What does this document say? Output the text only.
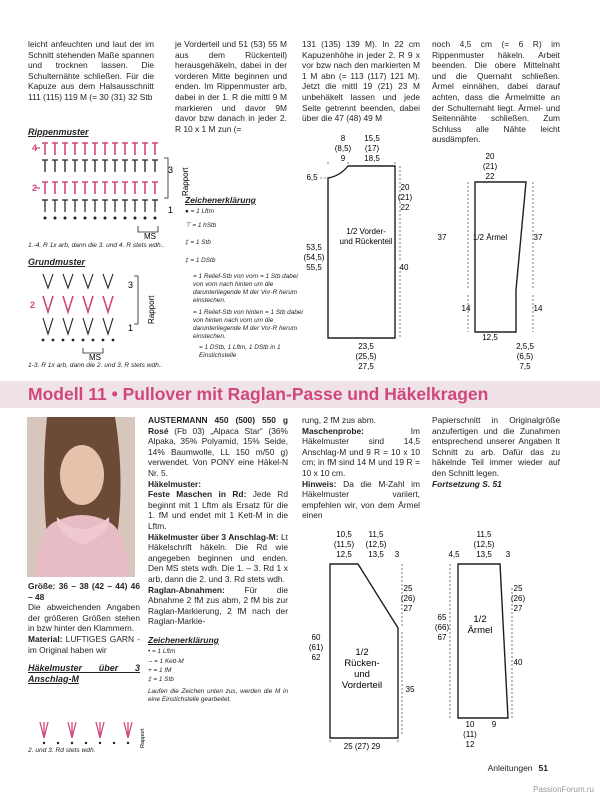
leicht anfeuchten und laut der im Schnitt stehenden Maße spannen und trocknen lassen. Die Schulternähte schließen. Für die Kapuze aus dem Halsausschnitt 111 (115) 119 M (= 30 (31) 32 Stb

je Vorderteil und 51 (53) 55 M aus dem Rückenteil) herausgehäkeln, dabei in der vorderen Mitte beginnen und enden. Im Rippenmuster arb, dabei in der 1. R die mittl 9 M markieren und davor 9M davor bzw danach in jeder 2. R 10 x 1 M zun (=

131 (135) 139 M). In 22 cm Kapuzenhöhe in jeder 2. R 9 x vor bzw nach den markierten M 1 M abn (= 113 (117) 121 M). Jetzt die mittl 19 (21) 23 M unbehäkelt lassen und jede Seite getrennt beenden, dabei über die 47 (48) 49 M

noch 4,5 cm (= 6 R) im Rippenmuster häkeln. Arbeit beenden. Die obere Mittelnaht und die Quernaht schließen. Ärmel einnähen, dabei darauf achten, dass die Ärmelmitte an der Schulternaht liegt. Ärmel- und Seitennähte schließen. Zum Schluss alle Nähte leicht ausdämpfen.

Rippenmuster
4
3
2
1
Rapport
MS
1.-4. R 1x arb, dann die 3. und 4. R stets wdh..
Grundmuster
3
2
1
Rapport
MS
1-3. R 1x arb, dann die 2. und 3. R stets wdh..
Zeichenerklärung
● = 1 Lftm
⊤ = 1 hStb
‡ = 1 Stb
‡ = 1 DStb
= 1 Relief-Stb von vorn = 1 Stb dabei von vorn nach hinten um die darunterliegende M der Vor-R herum einstechen.
= 1 Relief-Stb von hinten = 1 Stb dabei von hinten nach vorn um die darunterliegende M der Vor-R herum einstechen.
= 1 DStb, 1 Lftm, 1 DStb in 1 Einstichstelle
8
(8,5)
9
15,5
(17)
18,5
6,5
20
(21)
22
53,5
(54,5)
55,5	40
1/2 Vorder-
und Rückenteil
23,5
(25,5)
27,5
20
(21)
22
37	37
1/2 Ärmel
14	14
12,5
2,5,5
(6,5)
7,5
Modell 11 • Pullover mit Raglan-Passe und Häkelkragen

Größe: 36 – 38 (42 – 44) 46 – 48

Die abweichenden Angaben der größeren Größen stehen in bzw hinter den Klammern.

Material: LUFTIGES GARN - im Original haben wir

Häkelmuster über 3 Anschlag-M
Rapport
2. und 3. Rd stets wdh.

AUSTERMANN 450 (500) 550 g Rosé (Fb 03) „Alpaca Star“ (36% Alpaka, 35% Polyamid, 15% Seide, 14% Baumwolle, LL 150 m/50 g) verwendet. Von PONY eine Häkel-N Nr. 5.

Häkelmuster:

Feste Maschen in Rd: Jede Rd beginnt mit 1 Lftm als Ersatz für die 1. fM und endet mit 1 Kett-M in die Lftm.

Häkelmuster über 3 Anschlag-M: Lt Häkelschrift häkeln. Die Rd wie angegeben beginnen und enden. Den MS stets wdh. Die 1. – 3. Rd 1 x arb, dann die 2. und 3. Rd stets wdh.

Raglan-Abnahmen: Für die Abnahme 2 fM zus abm, 2 fM bis zur Raglan-Markierung, 2 fM nach der Raglan-Markie-

Zeichenerklärung
• = 1 Lftm
⌢ = 1 Kett-M
+ = 1 fM
‡ = 1 Stb
Laufen die Zeichen unten zus, werden die M in eine Einstichstelle gearbeitet.

rung, 2 fM zus abm.

Maschenprobe:	Im Häkelmuster sind 14,5 Anschlag-M und 9 R = 10 x 10 cm; in fM sind 14 M und 19 R = 10 x 10 cm.

Hinweis: Da die M-Zahl im Häkelmuster variiert, empfehlen wir, von dem Ärmel einen

Papierschnitt in Originalgröße anzufertigen und die Zunahmen entsprechend unserer Angaben lt Schnitt zu arb. Dafür das zu häkelnde Teil immer wieder auf den Schnitt legen.

Fortsetzung S. 51

10,5
(11,5)
12,5
11,5
(12,5)
13,5 3
25
(26)
27
60
(61)
62
35
1/2
Rücken-
und
Vorderteil
25 (27) 29
11,5
(12,5)
13,5
4,5	3
25
(26)
27
65
(66)
67
40
1/2
Ärmel
10
(11)
12
9
Anleitungen 51
PassionForum.ru
